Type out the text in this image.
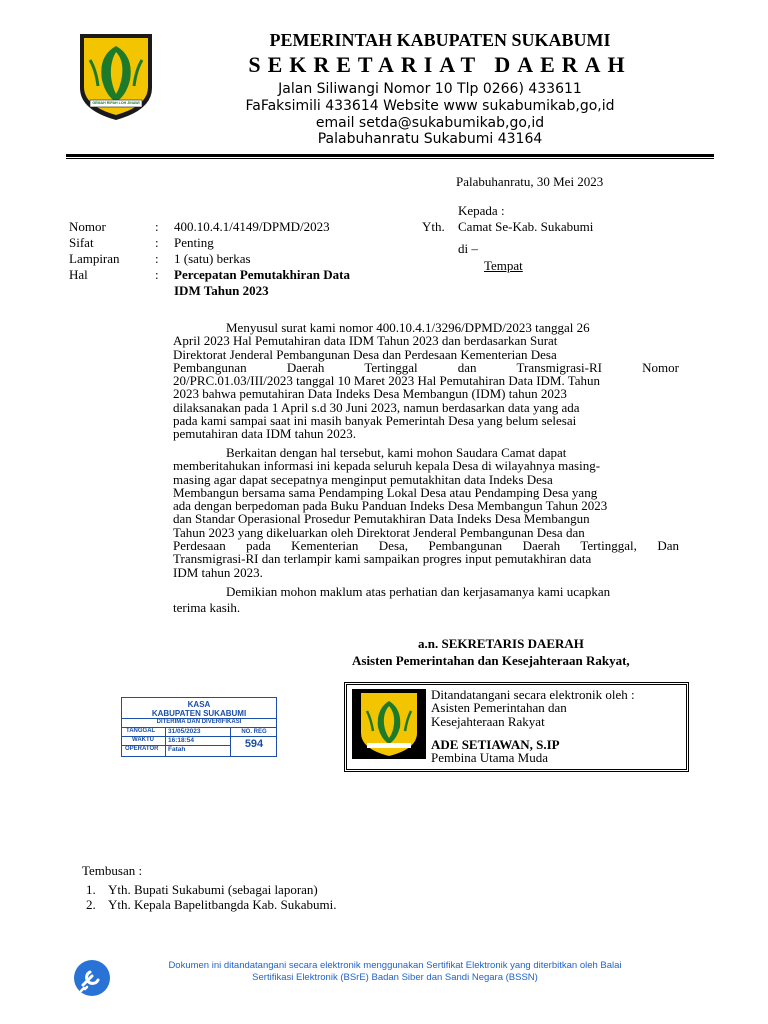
GEMAH RIPAH LOH JINAWI
PEMERINTAH KABUPATEN SUKABUMI
SEKRETARIAT DAERAH
Jalan Siliwangi Nomor 10 Tlp 0266) 433611
FaFaksimili 433614 Website www sukabumikab,go,id
email setda@sukabumikab,go,id
Palabuhanratu Sukabumi 43164
Palabuhanratu, 30 Mei 2023
Kepada :
Yth. Camat Se-Kab. Sukabumi
di –
Tempat
Nomor	: 400.10.4.1/4149/DPMD/2023
Sifat	: Penting
Lampiran	: 1 (satu) berkas
Hal	: Percepatan Pemutakhiran Data
IDM Tahun 2023
Menyusul surat kami nomor 400.10.4.1/3296/DPMD/2023 tanggal 26
April 2023 Hal Pemutahiran data IDM Tahun 2023 dan berdasarkan Surat
Direktorat Jenderal Pembangunan Desa dan Perdesaan Kementerian Desa
Pembangunan Daerah Tertinggal dan Transmigrasi-RI Nomor
20/PRC.01.03/III/2023 tanggal 10 Maret 2023 Hal Pemutahiran Data IDM. Tahun
2023 bahwa pemutahiran Data Indeks Desa Membangun (IDM) tahun 2023
dilaksanakan pada 1 April s.d 30 Juni 2023, namun berdasarkan data yang ada
pada kami sampai saat ini masih banyak Pemerintah Desa yang belum selesai
pemutahiran data IDM tahun 2023.
Berkaitan dengan hal tersebut, kami mohon Saudara Camat dapat
memberitahukan informasi ini kepada seluruh kepala Desa di wilayahnya masing-
masing agar dapat secepatnya menginput pemutakhitan data Indeks Desa
Membangun bersama sama Pendamping Lokal Desa atau Pendamping Desa yang
ada dengan berpedoman pada Buku Panduan Indeks Desa Membangun Tahun 2023
dan Standar Operasional Prosedur Pemutakhiran Data Indeks Desa Membangun
Tahun 2023 yang dikeluarkan oleh Direktorat Jenderal Pembangunan Desa dan
Perdesaan pada Kementerian Desa, Pembangunan Daerah Tertinggal, Dan
Transmigrasi-RI dan terlampir kami sampaikan progres input pemutakhiran data
IDM tahun 2023.
Demikian mohon maklum atas perhatian dan kerjasamanya kami ucapkan
terima kasih.
a.n. SEKRETARIS DAERAH
Asisten Pemerintahan dan Kesejahteraan Rakyat,
KASA
KABUPATEN SUKABUMI
DITERIMA DAN DIVERIFIKASI
TANGGAL	31/05/2023
WAKTU	16:18:54
OPERATOR	Fatah
NO. REG
594
Ditandatangani secara elektronik oleh :
Asisten Pemerintahan dan
Kesejahteraan Rakyat
ADE SETIAWAN, S.IP
Pembina Utama Muda
Tembusan :
1. Yth. Bupati Sukabumi (sebagai laporan)
2. Yth. Kepala Bapelitbangda Kab. Sukabumi.
Dokumen ini ditandatangani secara elektronik menggunakan Sertifikat Elektronik yang diterbitkan oleh Balai
Sertifikasi Elektronik (BSrE) Badan Siber dan Sandi Negara (BSSN)
